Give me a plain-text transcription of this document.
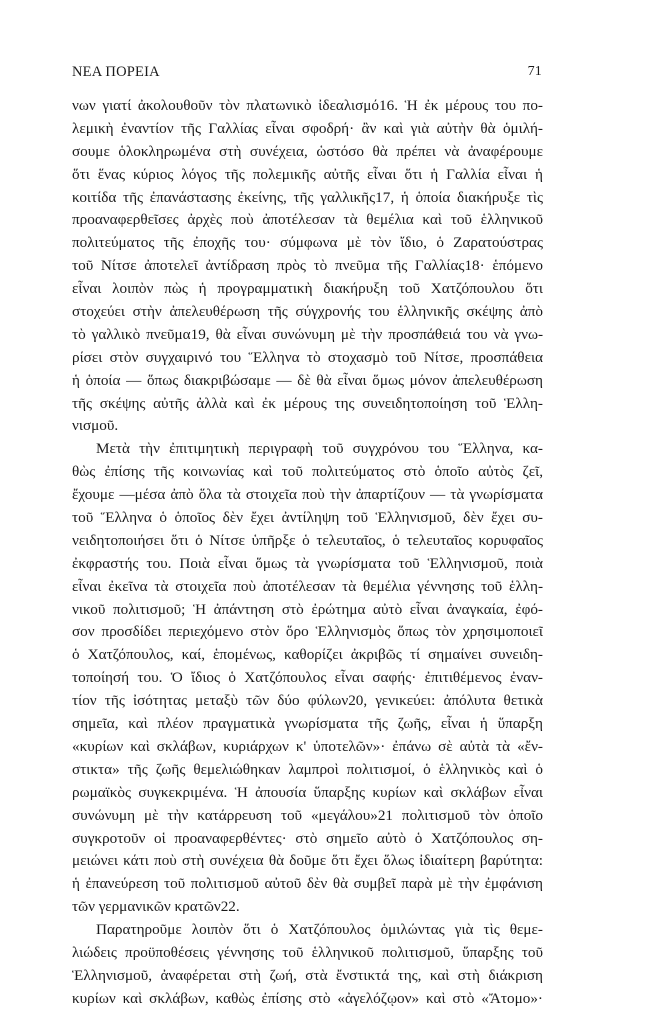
ΝΕΑ ΠΟΡΕΙΑ	71
νων γιατί ἀκολουθοῦν τὸν πλατωνικὸ ἰδεαλισμό16. Ἡ ἐκ μέρους του πο-
λεμικὴ ἐναντίον τῆς Γαλλίας εἶναι σφοδρή· ἂν καὶ γιὰ αὐτὴν θὰ ὁμιλή-
σουμε ὁλοκληρωμένα στὴ συνέχεια, ὡστόσο θὰ πρέπει νὰ ἀναφέρουμε
ὅτι ἕνας κύριος λόγος τῆς πολεμικῆς αὐτῆς εἶναι ὅτι ἡ Γαλλία εἶναι ἡ
κοιτίδα τῆς ἐπανάστασης ἐκείνης, τῆς γαλλικῆς17, ἡ ὁποία διακήρυξε τὶς
προαναφερθεῖσες ἀρχὲς ποὺ ἀποτέλεσαν τὰ θεμέλια καὶ τοῦ ἑλληνικοῦ
πολιτεύματος τῆς ἐποχῆς του· σύμφωνα μὲ τὸν ἴδιο, ὁ Ζαρατούστρας
τοῦ Νίτσε ἀποτελεῖ ἀντίδραση πρὸς τὸ πνεῦμα τῆς Γαλλίας18· ἑπόμενο
εἶναι λοιπὸν πὼς ἡ προγραμματικὴ διακήρυξη τοῦ Χατζόπουλου ὅτι
στοχεύει στὴν ἀπελευθέρωση τῆς σύγχρονής του ἑλληνικῆς σκέψης ἀπὸ
τὸ γαλλικὸ πνεῦμα19, θὰ εἶναι συνώνυμη μὲ τὴν προσπάθειά του νὰ γνω-
ρίσει στὸν συγχαιρινό του Ἕλληνα τὸ στοχασμὸ τοῦ Νίτσε, προσπάθεια
ἡ ὁποία — ὅπως διακριβώσαμε — δὲ θὰ εἶναι ὅμως μόνον ἀπελευθέρωση
τῆς σκέψης αὐτῆς ἀλλὰ καὶ ἐκ μέρους της συνειδητοποίηση τοῦ Ἑλλη-
νισμοῦ.
Μετὰ τὴν ἐπιτιμητικὴ περιγραφὴ τοῦ συγχρόνου του Ἕλληνα, κα-
θὼς ἐπίσης τῆς κοινωνίας καὶ τοῦ πολιτεύματος στὸ ὁποῖο αὐτὸς ζεῖ,
ἔχουμε —μέσα ἀπὸ ὅλα τὰ στοιχεῖα ποὺ τὴν ἀπαρτίζουν — τὰ γνωρίσματα
τοῦ Ἕλληνα ὁ ὁποῖος δὲν ἔχει ἀντίληψη τοῦ Ἑλληνισμοῦ, δὲν ἔχει συ-
νειδητοποιήσει ὅτι ὁ Νίτσε ὑπῆρξε ὁ τελευταῖος, ὁ τελευταῖος κορυφαῖος
ἐκφραστής του. Ποιὰ εἶναι ὅμως τὰ γνωρίσματα τοῦ Ἑλληνισμοῦ, ποιὰ
εἶναι ἐκεῖνα τὰ στοιχεῖα ποὺ ἀποτέλεσαν τὰ θεμέλια γέννησης τοῦ ἑλλη-
νικοῦ πολιτισμοῦ; Ἡ ἀπάντηση στὸ ἐρώτημα αὐτὸ εἶναι ἀναγκαία, ἐφό-
σον προσδίδει περιεχόμενο στὸν ὅρο Ἑλληνισμὸς ὅπως τὸν χρησιμοποιεῖ
ὁ Χατζόπουλος, καί, ἑπομένως, καθορίζει ἀκριβῶς τί σημαίνει συνειδη-
τοποίησή του. Ὁ ἴδιος ὁ Χατζόπουλος εἶναι σαφής· ἐπιτιθέμενος ἐναν-
τίον τῆς ἰσότητας μεταξὺ τῶν δύο φύλων20, γενικεύει: ἀπόλυτα θετικὰ
σημεῖα, καὶ πλέον πραγματικὰ γνωρίσματα τῆς ζωῆς, εἶναι ἡ ὕπαρξη
«κυρίων καὶ σκλάβων, κυριάρχων κ' ὑποτελῶν»· ἐπάνω σὲ αὐτὰ τὰ «ἔν-
στικτα» τῆς ζωῆς θεμελιώθηκαν λαμπροὶ πολιτισμοί, ὁ ἑλληνικὸς καὶ ὁ
ρωμαϊκὸς συγκεκριμένα. Ἡ ἀπουσία ὕπαρξης κυρίων καὶ σκλάβων εἶναι
συνώνυμη μὲ τὴν κατάρρευση τοῦ «μεγάλου»21 πολιτισμοῦ τὸν ὁποῖο
συγκροτοῦν οἱ προαναφερθέντες· στὸ σημεῖο αὐτὸ ὁ Χατζόπουλος ση-
μειώνει κάτι ποὺ στὴ συνέχεια θὰ δοῦμε ὅτι ἔχει ὅλως ἰδιαίτερη βαρύτητα:
ἡ ἐπανεύρεση τοῦ πολιτισμοῦ αὐτοῦ δὲν θὰ συμβεῖ παρὰ μὲ τὴν ἐμφάνιση
τῶν γερμανικῶν κρατῶν22.
Παρατηροῦμε λοιπὸν ὅτι ὁ Χατζόπουλος ὁμιλώντας γιὰ τὶς θεμε-
λιώδεις προϋποθέσεις γέννησης τοῦ ἑλληνικοῦ πολιτισμοῦ, ὕπαρξης τοῦ
Ἑλληνισμοῦ, ἀναφέρεται στὴ ζωή, στὰ ἔνστικτά της, καὶ στὴ διάκριση
κυρίων καὶ σκλάβων, καθὼς ἐπίσης στὸ «ἀγελόζῳον» καὶ στὸ «Ἄτομο»·
